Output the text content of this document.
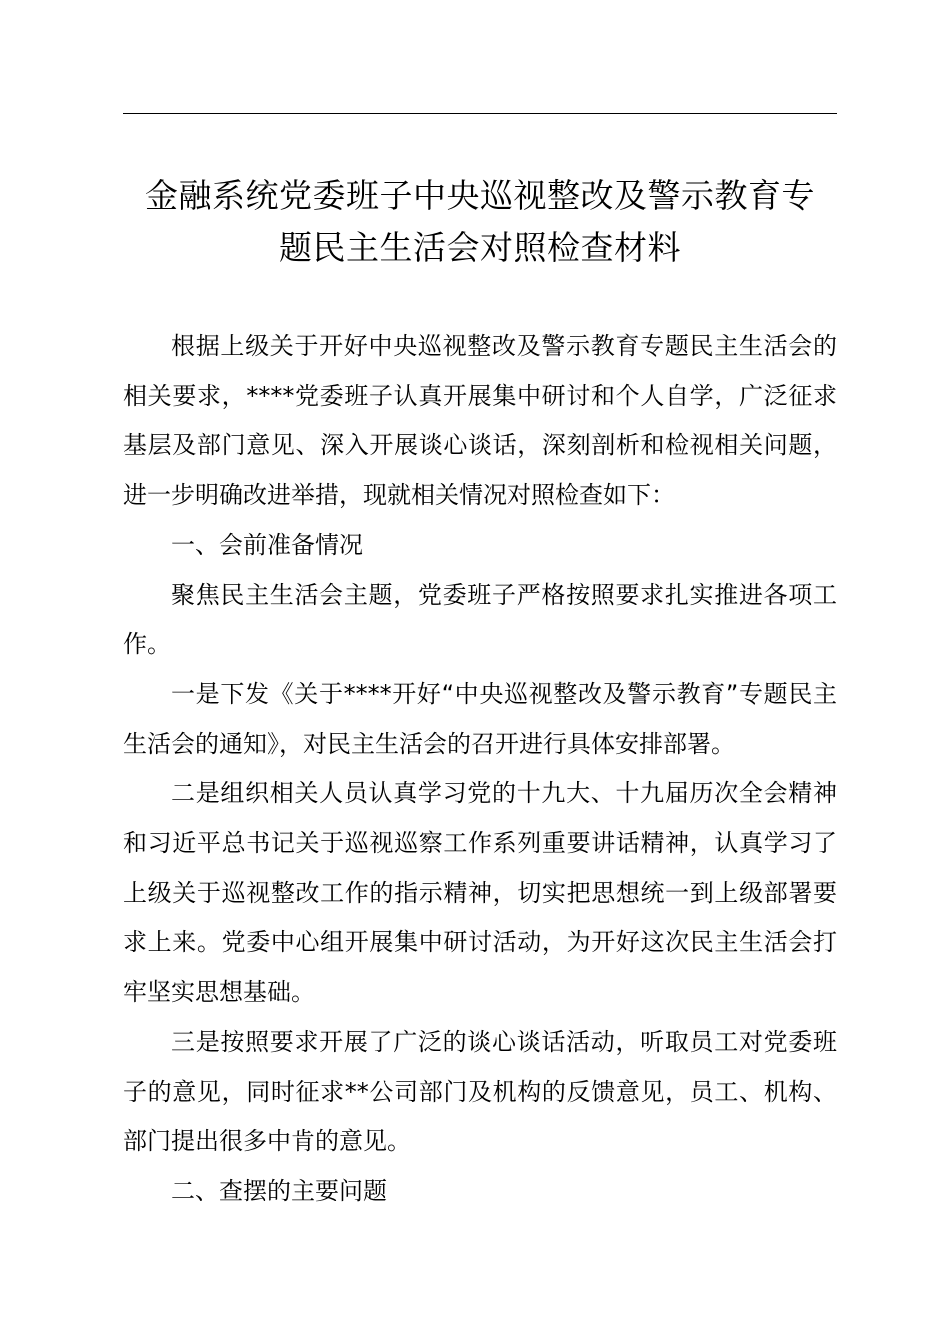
金融系统党委班子中央巡视整改及警示教育专
题民主生活会对照检查材料

根据上级关于开好中央巡视整改及警示教育专题民主生活会的相关要求，****党委班子认真开展集中研讨和个人自学，广泛征求基层及部门意见、深入开展谈心谈话，深刻剖析和检视相关问题，进一步明确改进举措，现就相关情况对照检查如下：

一、会前准备情况

聚焦民主生活会主题，党委班子严格按照要求扎实推进各项工作。

一是下发《关于****开好“中央巡视整改及警示教育”专题民主生活会的通知》，对民主生活会的召开进行具体安排部署。

二是组织相关人员认真学习党的十九大、十九届历次全会精神和习近平总书记关于巡视巡察工作系列重要讲话精神，认真学习了上级关于巡视整改工作的指示精神，切实把思想统一到上级部署要求上来。党委中心组开展集中研讨活动，为开好这次民主生活会打牢坚实思想基础。

三是按照要求开展了广泛的谈心谈话活动，听取员工对党委班子的意见，同时征求**公司部门及机构的反馈意见，员工、机构、部门提出很多中肯的意见。

二、查摆的主要问题
